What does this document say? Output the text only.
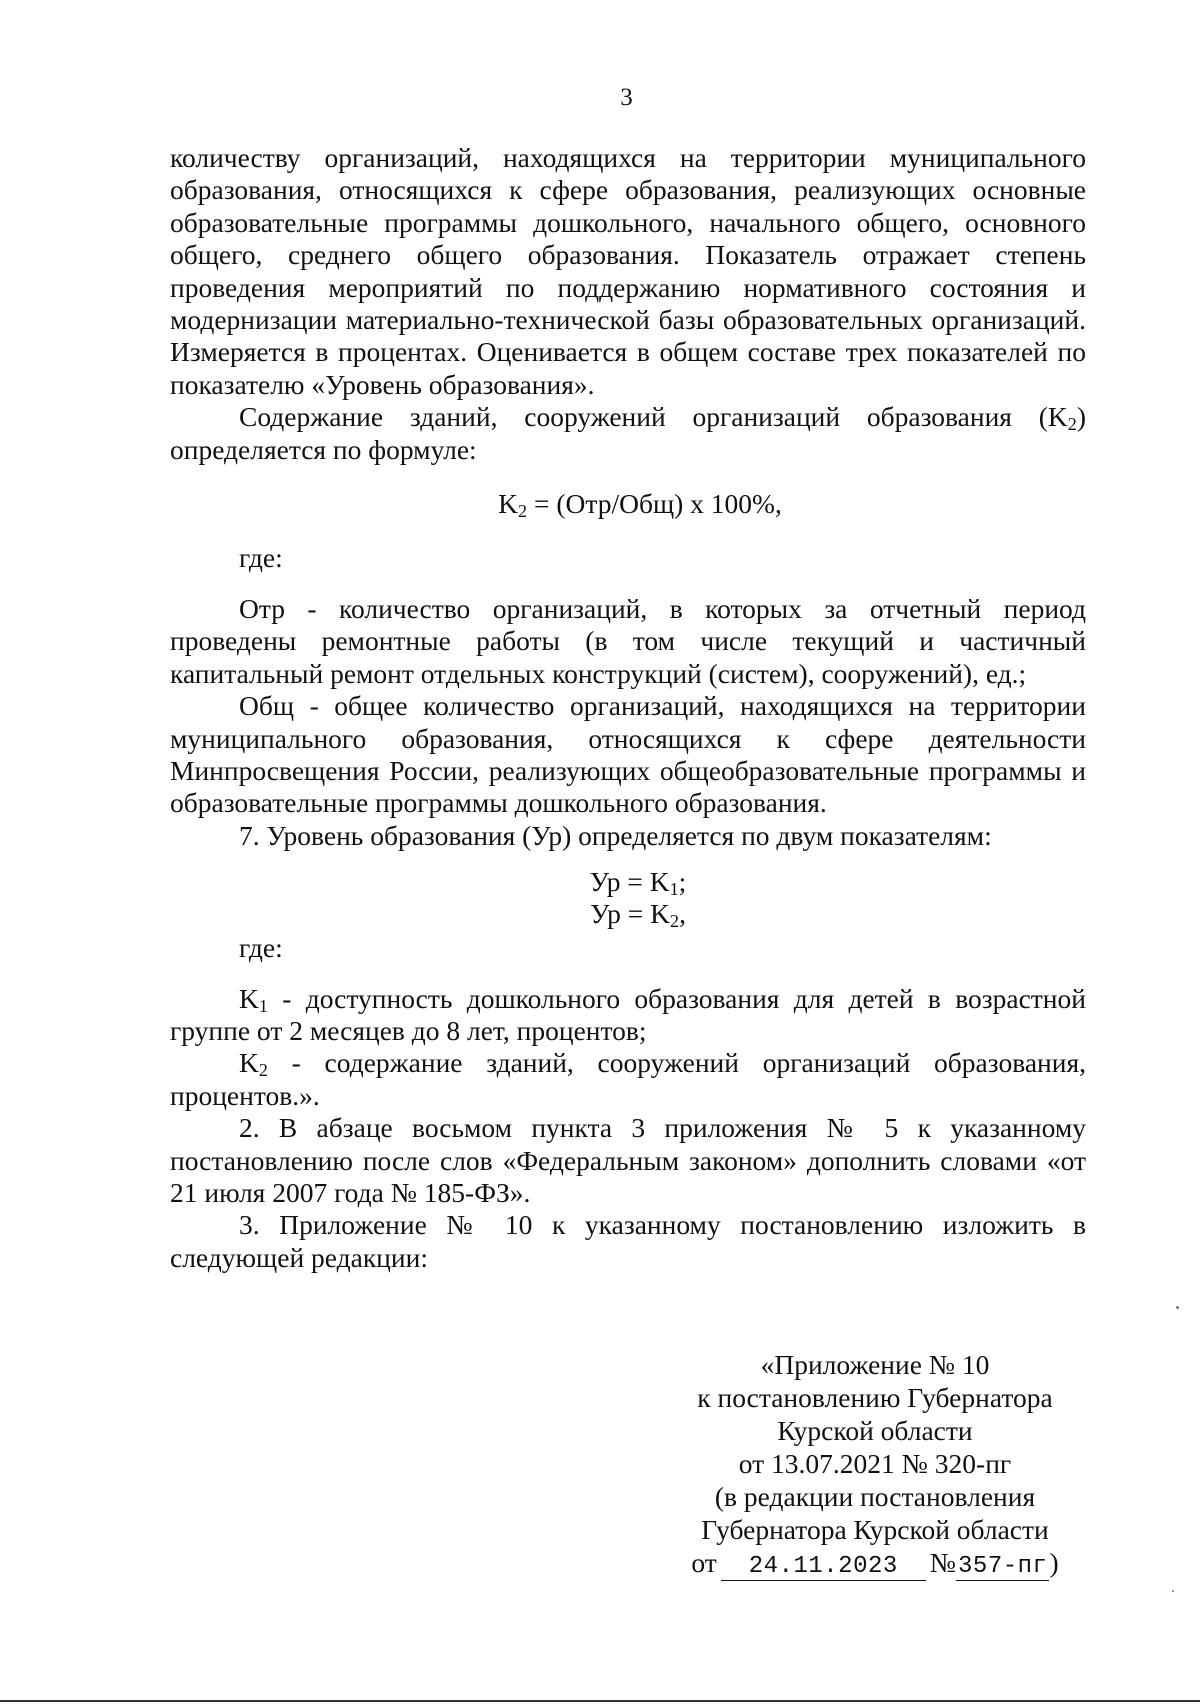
3

количеству организаций, находящихся на территории муниципального образования, относящихся к сфере образования, реализующих основные образовательные программы дошкольного, начального общего, основного общего, среднего общего образования. Показатель отражает степень проведения мероприятий по поддержанию нормативного состояния и модернизации материально-технической базы образовательных организаций. Измеряется в процентах. Оценивается в общем составе трех показателей по показателю «Уровень образования».

Содержание зданий, сооружений организаций образования $(K_2)$ определяется по формуле:

$K_2 = (Отр/Общ)$ x 100%,

где:

Отр - количество организаций, в которых за отчетный период проведены ремонтные работы (в том числе текущий и частичный капитальный ремонт отдельных конструкций (систем), сооружений), ед.;

Общ - общее количество организаций, находящихся на территории муниципального образования, относящихся к сфере деятельности Минпросвещения России, реализующих общеобразовательные программы и образовательные программы дошкольного образования.

7. Уровень образования (Ур) определяется по двум показателям:

Ур = $K_1$;
Ур = $K_2$,

где:

$K_1$ - доступность дошкольного образования для детей в возрастной группе от 2 месяцев до 8 лет, процентов;

$K_2$ - содержание зданий, сооружений организаций образования, процентов.».

2. В абзаце восьмом пункта 3 приложения № 5 к указанному постановлению после слов «Федеральным законом» дополнить словами «от 21 июля 2007 года № 185-ФЗ».

3. Приложение № 10 к указанному постановлению изложить в следующей редакции:

«Приложение № 10
к постановлению Губернатора
Курской области
от 13.07.2021 № 320-пг
(в редакции постановления
Губернатора Курской области
от 24.11.2023 №357-пг)
